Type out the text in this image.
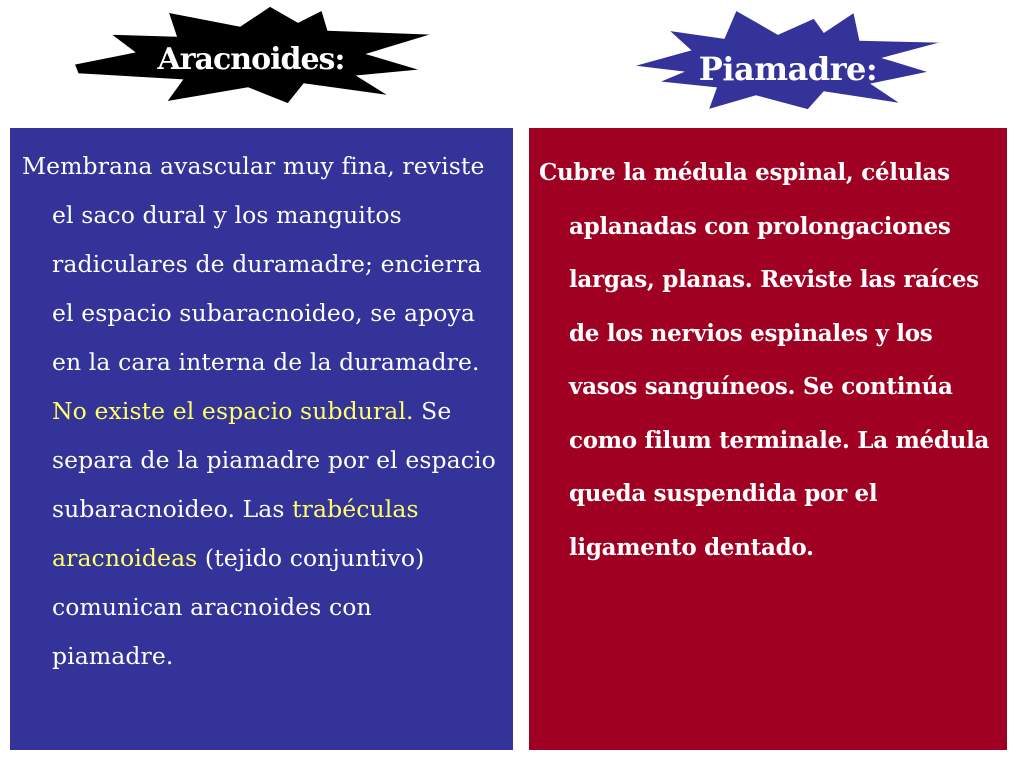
Aracnoides:	Piamadre:

Membrana avascular muy fina, reviste el saco dural y los manguitos radiculares de duramadre; encierra el espacio subaracnoideo, se apoya en la cara interna de la duramadre. No existe el espacio subdural. Se separa de la piamadre por el espacio subaracnoideo. Las trabéculas aracnoideas (tejido conjuntivo) comunican aracnoides con piamadre.

Cubre la médula espinal, células aplanadas con prolongaciones largas, planas. Reviste las raíces de los nervios espinales y los vasos sanguíneos. Se continúa como filum terminale. La médula queda suspendida por el ligamento dentado.
